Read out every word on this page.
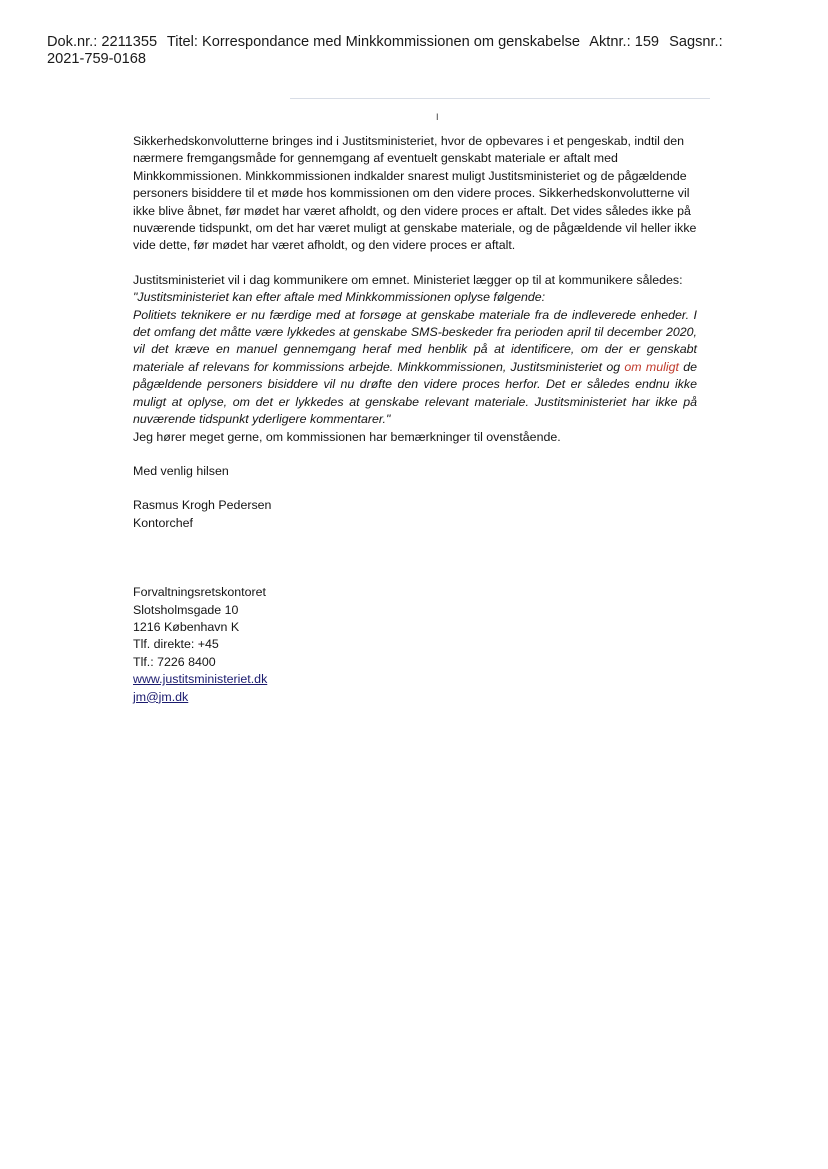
Dok.nr.: 2211355 Titel: Korrespondance med Minkkommissionen om genskabelse Aktnr.: 159 Sagsnr.:
2021-759-0168
I

Sikkerhedskonvolutterne bringes ind i Justitsministeriet, hvor de opbevares i et pengeskab, indtil den nærmere fremgangsmåde for gennemgang af eventuelt genskabt materiale er aftalt med Minkkommissionen. Minkkommissionen indkalder snarest muligt Justitsministeriet og de pågældende personers bisiddere til et møde hos kommissionen om den videre proces. Sikkerhedskonvolutterne vil ikke blive åbnet, før mødet har været afholdt, og den videre proces er aftalt. Det vides således ikke på nuværende tidspunkt, om det har været muligt at genskabe materiale, og de pågældende vil heller ikke vide dette, før mødet har været afholdt, og den videre proces er aftalt.

Justitsministeriet vil i dag kommunikere om emnet. Ministeriet lægger op til at kommunikere således:

"Justitsministeriet kan efter aftale med Minkkommissionen oplyse følgende:

Politiets teknikere er nu færdige med at forsøge at genskabe materiale fra de indleverede enheder. I det omfang det måtte være lykkedes at genskabe SMS-beskeder fra perioden april til december 2020, vil det kræve en manuel gennemgang heraf med henblik på at identificere, om der er genskabt materiale af relevans for kommissions arbejde. Minkkommissionen, Justitsministeriet og om muligt de pågældende personers bisiddere vil nu drøfte den videre proces herfor. Det er således endnu ikke muligt at oplyse, om det er lykkedes at genskabe relevant materiale. Justitsministeriet har ikke på nuværende tidspunkt yderligere kommentarer."

Jeg hører meget gerne, om kommissionen har bemærkninger til ovenstående.

Med venlig hilsen

Rasmus Krogh Pedersen

Kontorchef

Forvaltningsretskontoret

Slotsholmsgade 10

1216 København K

Tlf. direkte: +45

Tlf.: 7226 8400

www.justitsministeriet.dk

jm@jm.dk
